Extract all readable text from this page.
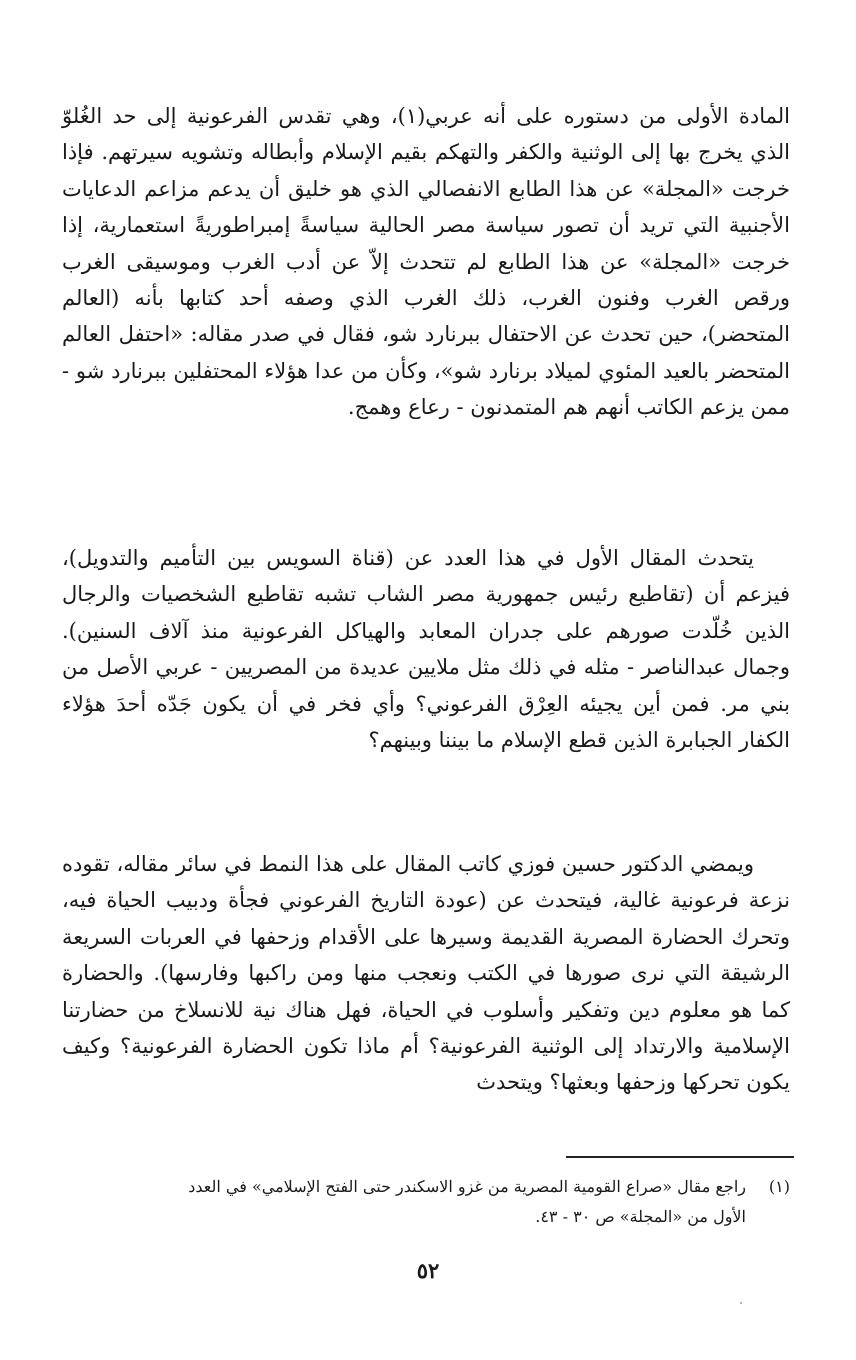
المادة الأولى من دستوره على أنه عربي(١)، وهي تقدس الفرعونية إلى حد الغُلوّ الذي يخرج بها إلى الوثنية والكفر والتهكم بقيم الإسلام وأبطاله وتشويه سيرتهم. فإذا خرجت «المجلة» عن هذا الطابع الانفصالي الذي هو خليق أن يدعم مزاعم الدعايات الأجنبية التي تريد أن تصور سياسة مصر الحالية سياسةً إمبراطوريةً استعمارية، إذا خرجت «المجلة» عن هذا الطابع لم تتحدث إلاّ عن أدب الغرب وموسيقى الغرب ورقص الغرب وفنون الغرب، ذلك الغرب الذي وصفه أحد كتابها بأنه (العالم المتحضر)، حين تحدث عن الاحتفال ببرنارد شو، فقال في صدر مقاله: «احتفل العالم المتحضر بالعيد المئوي لميلاد برنارد شو»، وكأن من عدا هؤلاء المحتفلين ببرنارد شو - ممن يزعم الكاتب أنهم هم المتمدنون - رعاع وهمج.

يتحدث المقال الأول في هذا العدد عن (قناة السويس بين التأميم والتدويل)، فيزعم أن (تقاطيع رئيس جمهورية مصر الشاب تشبه تقاطيع الشخصيات والرجال الذين خُلّدت صورهم على جدران المعابد والهياكل الفرعونية منذ آلاف السنين). وجمال عبدالناصر - مثله في ذلك مثل ملايين عديدة من المصريين - عربي الأصل من بني مر. فمن أين يجيئه العِرْق الفرعوني؟ وأي فخر في أن يكون جَدّه أحدَ هؤلاء الكفار الجبابرة الذين قطع الإسلام ما بيننا وبينهم؟

ويمضي الدكتور حسين فوزي كاتب المقال على هذا النمط في سائر مقاله، تقوده نزعة فرعونية غالية، فيتحدث عن (عودة التاريخ الفرعوني فجأة ودبيب الحياة فيه، وتحرك الحضارة المصرية القديمة وسيرها على الأقدام وزحفها في العربات السريعة الرشيقة التي نرى صورها في الكتب ونعجب منها ومن راكبها وفارسها). والحضارة كما هو معلوم دين وتفكير وأسلوب في الحياة، فهل هناك نية للانسلاخ من حضارتنا الإسلامية والارتداد إلى الوثنية الفرعونية؟ أم ماذا تكون الحضارة الفرعونية؟ وكيف يكون تحركها وزحفها وبعثها؟ ويتحدث

(١)
راجع مقال «صراع القومية المصرية من غزو الاسكندر حتى الفتح الإسلامي» في العدد
الأول من «المجلة» ص ٣٠ - ٤٣.
٥٢
